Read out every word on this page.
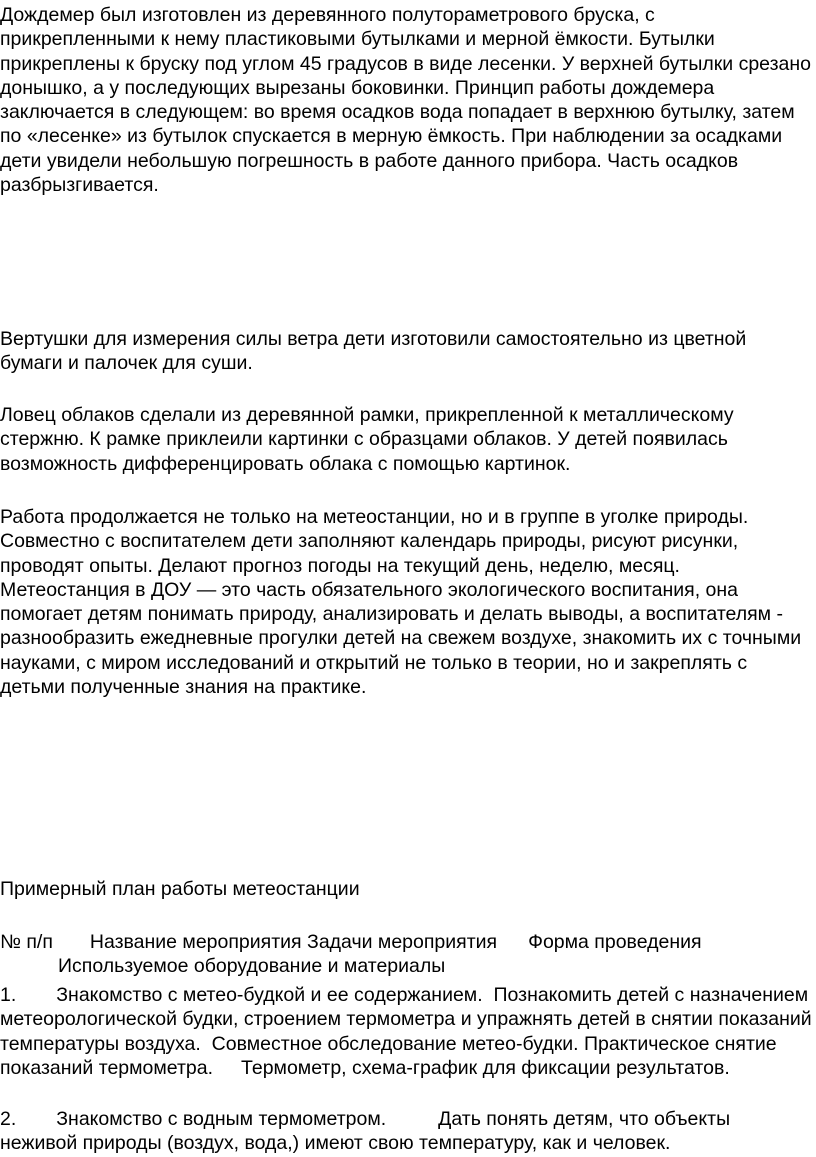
Дождемер был изготовлен из деревянного полутораметрового бруска, с прикрепленными к нему пластиковыми бутылками и мерной ёмкости. Бутылки прикреплены к бруску под углом 45 градусов в виде лесенки. У верхней бутылки срезано донышко, а у последующих вырезаны боковинки. Принцип работы дождемера заключается в следующем: во время осадков вода попадает в верхнюю бутылку, затем по «лесенке» из бутылок спускается в мерную ёмкость. При наблюдении за осадками дети увидели небольшую погрешность в работе данного прибора. Часть осадков разбрызгивается.

Вертушки для измерения силы ветра дети изготовили самостоятельно из цветной бумаги и палочек для суши.

Ловец облаков сделали из деревянной рамки, прикрепленной к металлическому стержню. К рамке приклеили картинки с образцами облаков. У детей появилась возможность дифференцировать облака с помощью картинок.

Работа продолжается не только на метеостанции, но и в группе в уголке природы. Совместно с воспитателем дети заполняют календарь природы, рисуют рисунки, проводят опыты. Делают прогноз погоды на текущий день, неделю, месяц. Метеостанция в ДОУ — это часть обязательного экологического воспитания, она помогает детям понимать природу, анализировать и делать выводы, а воспитателям - разнообразить ежедневные прогулки детей на свежем воздухе, знакомить их с точными науками, с миром исследований и открытий не только в теории, но и закреплять с детьми полученные знания на практике.

Примерный план работы метеостанции

№ п/п Название мероприятия Задачи мероприятия Форма проведения
Используемое оборудование и материалы

1. Знакомство с метео-будкой и ее содержанием. Познакомить детей с назначением метеорологической будки, строением термометра и упражнять детей в снятии показаний температуры воздуха. Совместное обследование метео-будки. Практическое снятие показаний термометра. Термометр, схема-график для фиксации результатов.

2. Знакомство с водным термометром.	Дать понять детям, что объекты неживой природы (воздух, вода,) имеют свою температуру, как и человек.
